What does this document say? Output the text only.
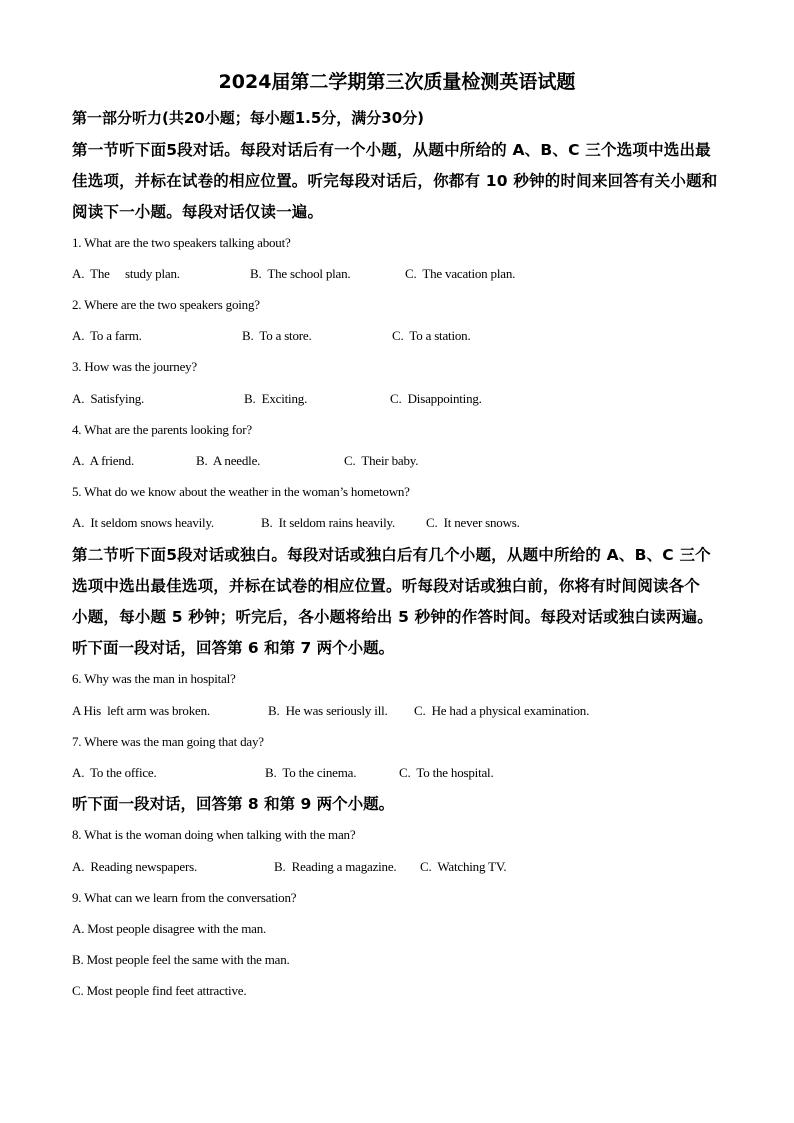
2024届第二学期第三次质量检测英语试题
第一部分听力(共20小题；每小题1.5分，满分30分)
第一节听下面5段对话。每段对话后有一个小题，从题中所给的 A、B、C 三个选项中选出最
佳选项，并标在试卷的相应位置。听完每段对话后，你都有 10 秒钟的时间来回答有关小题和
阅读下一小题。每段对话仅读一遍。
1. What are the two speakers talking about?
A.  The     study plan.	B.  The school plan.	C.  The vacation plan.
2. Where are the two speakers going?
A.  To a farm.	B.  To a store.	C.  To a station.
3. How was the journey?
A.  Satisfying.	B.  Exciting.	C.  Disappointing.
4. What are the parents looking for?
A.  A friend.	B.  A needle.	C.  Their baby.
5. What do we know about the weather in the woman’s hometown?
A.  It seldom snows heavily.	B.  It seldom rains heavily. C.  It never snows.
第二节听下面5段对话或独白。每段对话或独白后有几个小题，从题中所给的 A、B、C 三个
选项中选出最佳选项，并标在试卷的相应位置。听每段对话或独白前，你将有时间阅读各个
小题，每小题 5 秒钟；听完后，各小题将给出 5 秒钟的作答时间。每段对话或独白读两遍。
听下面一段对话，回答第 6 和第 7 两个小题。
6. Why was the man in hospital?
A His  left arm was broken.	B.  He was seriously ill. C.  He had a physical examination.
7. Where was the man going that day?
A.  To the office.	B.  To the cinema.	C.  To the hospital.
听下面一段对话，回答第 8 和第 9 两个小题。
8. What is the woman doing when talking with the man?
A.  Reading newspapers.	B.  Reading a magazine. C.  Watching TV.
9. What can we learn from the conversation?
A. Most people disagree with the man.
B. Most people feel the same with the man.
C. Most people find feet attractive.
